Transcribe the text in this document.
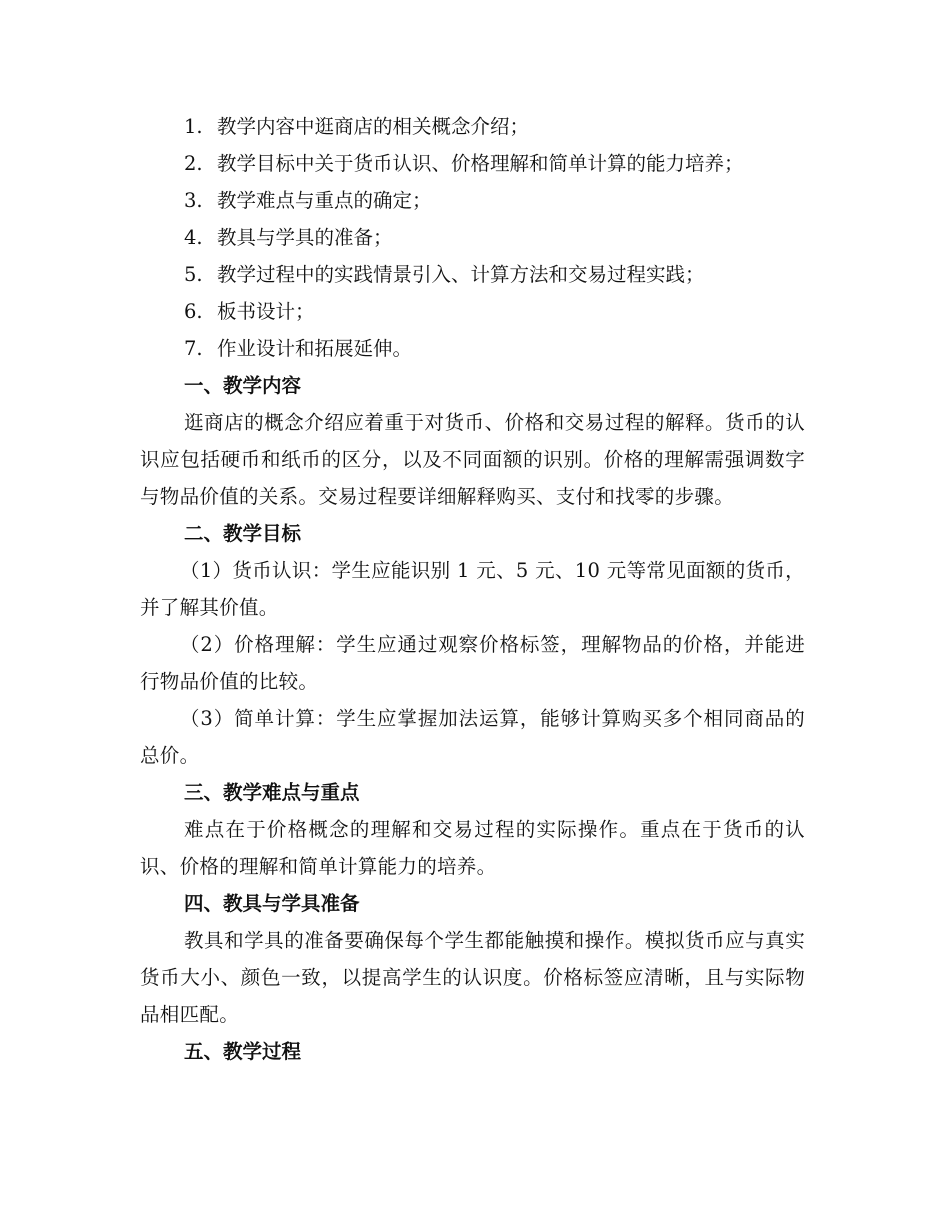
1. 教学内容中逛商店的相关概念介绍；

2. 教学目标中关于货币认识、价格理解和简单计算的能力培养；

3. 教学难点与重点的确定；

4. 教具与学具的准备；

5. 教学过程中的实践情景引入、计算方法和交易过程实践；

6. 板书设计；

7. 作业设计和拓展延伸。

一、教学内容

逛商店的概念介绍应着重于对货币、价格和交易过程的解释。货币的认识应包括硬币和纸币的区分，以及不同面额的识别。价格的理解需强调数字与物品价值的关系。交易过程要详细解释购买、支付和找零的步骤。

二、教学目标

（1）货币认识：学生应能识别 1 元、5 元、10 元等常见面额的货币，并了解其价值。

（2）价格理解：学生应通过观察价格标签，理解物品的价格，并能进行物品价值的比较。

（3）简单计算：学生应掌握加法运算，能够计算购买多个相同商品的总价。

三、教学难点与重点

难点在于价格概念的理解和交易过程的实际操作。重点在于货币的认识、价格的理解和简单计算能力的培养。

四、教具与学具准备

教具和学具的准备要确保每个学生都能触摸和操作。模拟货币应与真实货币大小、颜色一致，以提高学生的认识度。价格标签应清晰，且与实际物品相匹配。

五、教学过程
